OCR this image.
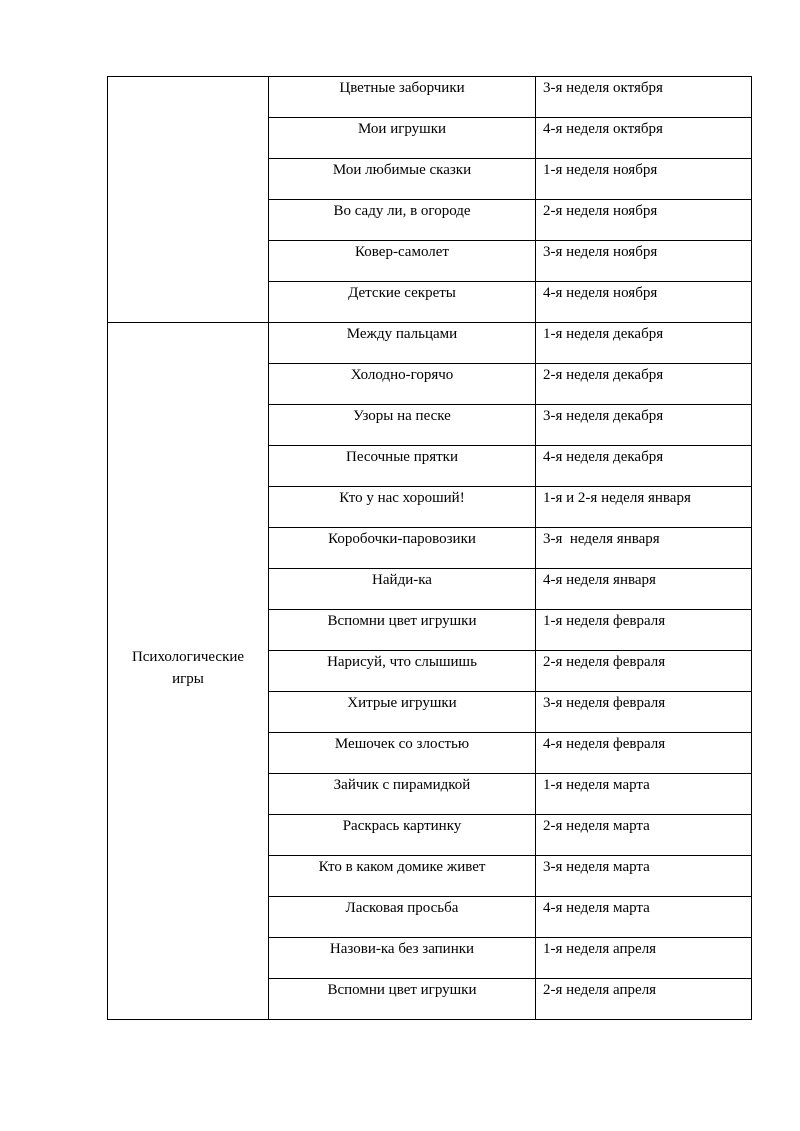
	Цветные заборчики	3-я неделя октября

	Мои игрушки	4-я неделя октября

	Мои любимые сказки	1-я неделя ноября

	Во саду ли, в огороде	2-я неделя ноября

	Ковер-самолет	3-я неделя ноября

	Детские секреты	4-я неделя ноября

Психологические
игры	Между пальцами	1-я неделя декабря

	Холодно-горячо	2-я неделя декабря

	Узоры на песке	3-я неделя декабря

	Песочные прятки	4-я неделя декабря

	Кто у нас хороший!	1-я и 2-я неделя января

	Коробочки-паровозики	3-я  неделя января

	Найди-ка	4-я неделя января

	Вспомни цвет игрушки	1-я неделя февраля

	Нарисуй, что слышишь	2-я неделя февраля

	Хитрые игрушки	3-я неделя февраля

	Мешочек со злостью	4-я неделя февраля

	Зайчик с пирамидкой	1-я неделя марта

	Раскрась картинку	2-я неделя марта

	Кто в каком домике живет	3-я неделя марта

	Ласковая просьба	4-я неделя марта

	Назови-ка без запинки	1-я неделя апреля

	Вспомни цвет игрушки	2-я неделя апреля
